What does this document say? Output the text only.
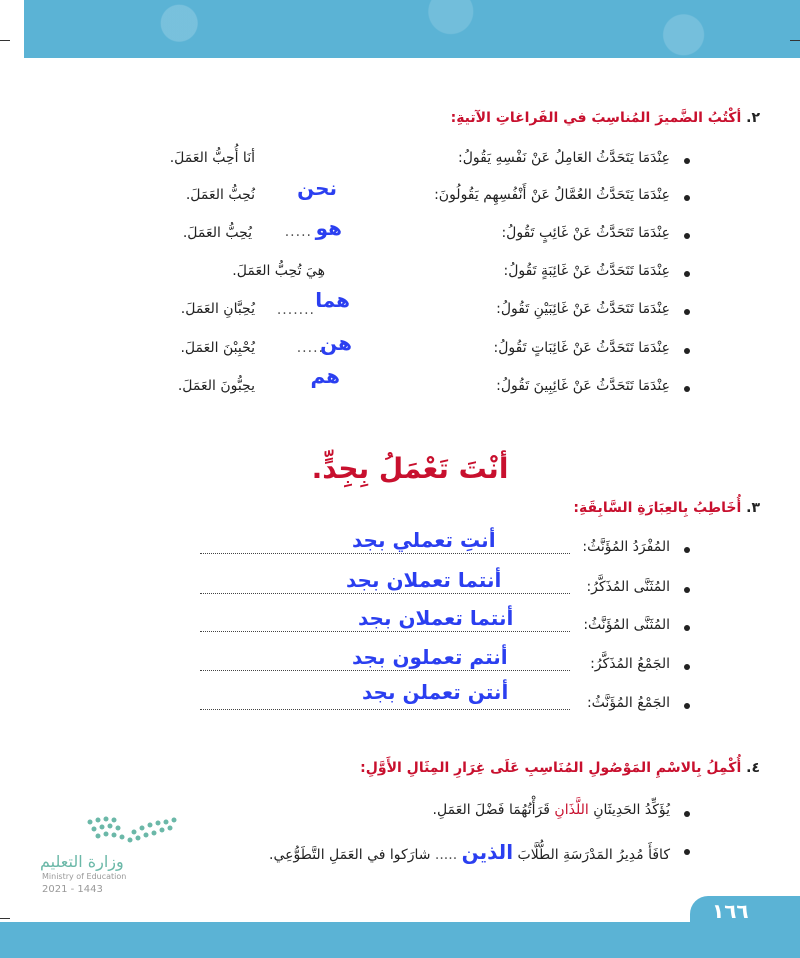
٢. أكْتُبُ الضَّميرَ المُناسِبَ في الفَراغاتِ الآتيةِ:
عِنْدَمَا يَتَحَدَّثُ العَامِلُ عَنْ نَفْسِهِ يَقُولُ:
أنَا أُحِبُّ العَمَلَ.
عِنْدَمَا يَتَحَدَّثُ العُمَّالُ عَنْ أَنْفُسِهِم يَقُولُونَ:
نحن
نُحِبُّ العَمَلَ.
عِنْدَمَا تَتَحَدَّثُ عَنْ غَائِبٍ تَقُولُ:
هو
.....
يُحِبُّ العَمَلَ.
عِنْدَمَا تَتَحَدَّثُ عَنْ غَائِبَةٍ تَقُولُ:
هِيَ تُحِبُّ العَمَلَ.
عِنْدَمَا تَتَحَدَّثُ عَنْ غَائِبَيْنِ تَقُولُ:
هما
.......
يُحِبَّانِ العَمَلَ.
عِنْدَمَا تَتَحَدَّثُ عَنْ غَائِبَاتٍ تَقُولُ:
هن
.....
يُحْبِبْنَ العَمَلَ.
عِنْدَمَا تَتَحَدَّثُ عَنْ غَائِبِينَ تَقُولُ:
هم
يحِبُّونَ العَمَلَ.
أنْتَ تَعْمَلُ بِجِدٍّ.
٣. أُخَاطِبُ بِالعِبَارَةِ السَّابِقَةِ:
المُفْرَدُ المُؤَنَّثُ:
أنتِ تعملي بجد
المُثَنَّى المُذَكَّرُ:
أنتما تعملان بجد
المُثَنَّى المُؤَنَّثُ:
أنتما تعملان بجد
الجَمْعُ المُذَكَّرُ:
أنتم تعملون بجد
الجَمْعُ المُؤَنَّثُ:
أنتن تعملن بجد
٤. أُكْمِلُ بِالاسْمِ المَوْصُولِ المُنَاسِبِ عَلَى غِرَارِ المِثَالِ الأَوَّلِ:
يُؤَكِّدُ الحَدِيثَانِ اللَّذَانِ قَرَأْتُهُمَا فَضْلَ العَمَلِ.
كافَأَ مُدِيرُ المَدْرَسَةِ الطُّلَّابَ الذين ..... شارَكوا في العَمَلِ التَّطَوُّعِي.
وزارة التعليم
Ministry of Education
2021 - 1443
١٦٦
